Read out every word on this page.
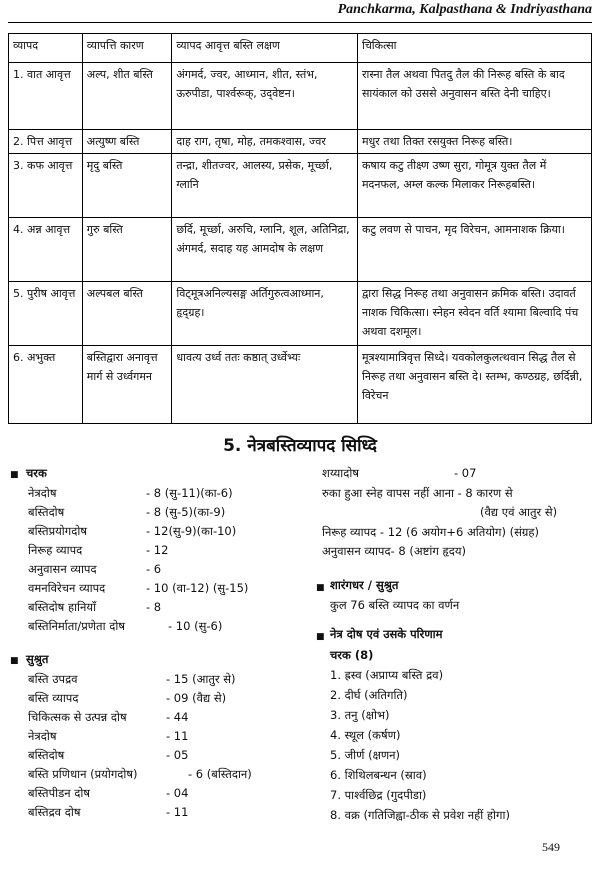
Panchkarma, Kalpasthana & Indriyasthana
व्यापद	व्यापत्ति कारण	व्यापद आवृत्त बस्ति लक्षण	चिकित्सा
1. वात आवृत्त	अल्प, शीत बस्ति	अंगमर्द, ज्वर, आध्मान, शीत, स्तंभ, ऊरुपीडा, पार्श्वरूक्, उद्‌वेष्टन।	रास्ना तैल अथवा पितदु तैल की निरूह बस्ति के बाद सायंकाल को उससे अनुवासन बस्ति देनी चाहिए।
2. पित्त आवृत्त	अत्युष्ण बस्ति	दाह राग, तृषा, मोह, तमकश्वास, ज्वर	मधुर तथा तिक्त रसयुक्त निरूह बस्ति।
3. कफ आवृत्त	मृदु बस्ति	तन्द्रा, शीतज्वर, आलस्य, प्रसेक, मूर्च्छा, ग्लानि	कषाय कटु तीक्ष्ण उष्ण सुरा, गोमूत्र युक्त तैल में मदनफल, अम्ल कल्क मिलाकर निरूहबस्ति।
4. अन्न आवृत्त	गुरु बस्ति	छर्दि, मूर्च्छा, अरुचि, ग्लानि, शूल, अतिनिद्रा, अंगमर्द, सदाह यह आमदोष के लक्षण	कटु लवण से पाचन, मृद विरेचन, आमनाशक क्रिया।
5. पुरीष आवृत्त	अल्पबल बस्ति	विट्‌मूत्रअनिल्यसङ्ग अर्तिगुरुत्वआध्मान, हृद्‌ग्रह।	द्वारा सिद्ध निरूह तथा अनुवासन क्रमिक बस्ति। उदावर्त नाशक चिकित्सा। स्नेहन स्वेदन वर्ति श्यामा बिल्वादि पंच अथवा दशमूल।
6. अभुक्त	बस्तिद्वारा अनावृत्त मार्ग से उर्ध्वगमन	धावत्य उर्ध्व ततः कष्ठात् उर्ध्वेभ्यः	मूत्रश्यामात्रिवृत्त सिध्दे। यवकोलकुलत्थवान सिद्ध तैल से निरूह तथा अनुवासन बस्ति दे। स्तम्भ, कण्ठग्रह, छर्दिन्नी, विरेचन
5. नेत्रबस्तिव्यापद सिध्दि
■ चरक
नेत्रदोष	- 8 (सु-11)(का-6)
बस्तिदोष	- 8 (सु-5)(का-9)
बस्तिप्रयोगदोष	- 12(सु-9)(का-10)
निरूह व्यापद	- 12
अनुवासन व्यापद	- 6
वमनविरेचन व्यापद	- 10 (वा-12) (सु-15)
बस्तिदोष हानियाँ	- 8
बस्तिनिर्माता/प्रणेता दोष	- 10 (सु-6)
■ सुश्रुत
बस्ति उपद्रव	- 15 (आतुर से)
बस्ति व्यापद	- 09 (वैद्य से)
चिकित्सक से उत्पन्न दोष	- 44
नेत्रदोष	- 11
बस्तिदोष	- 05
बस्ति प्रणिधान (प्रयोगदोष)	- 6 (बस्तिदान)
बस्तिपीडन दोष	- 04
बस्तिद्रव दोष	- 11
शय्यादोष	- 07
रुका हुआ स्नेह वापस नहीं आना - 8 कारण से
(वैद्य एवं आतुर से)
निरूह व्यापद - 12 (6 अयोग+6 अतियोग) (संग्रह)
अनुवासन व्यापद- 8 (अष्टांग हृदय)
■ शारंगधर / सुश्रुत
कुल 76 बस्ति व्यापद का वर्णन
■ नेत्र दोष एवं उसके परिणाम
चरक (8)
1. ह्रस्व (अप्राप्य बस्ति द्रव)
2. दीर्घ (अतिगति)
3. तनु (क्षोभ)
4. स्थूल (कर्षण)
5. जीर्ण (क्षणन)
6. शिथिलबन्धन (स्राव)
7. पार्श्वछिद्र (गुदपीडा)
8. वक्र (गतिजिह्वा-ठीक से प्रवेश नहीं होगा)
549
